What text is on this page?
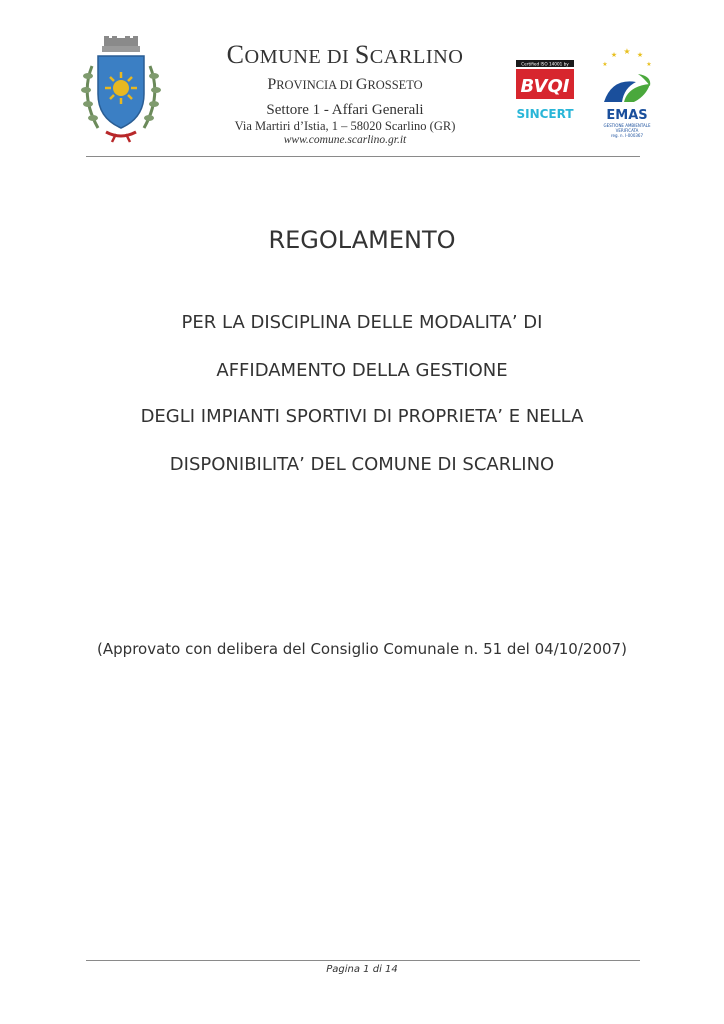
COMUNE DI SCARLINO
PROVINCIA DI GROSSETO
Settore 1 - Affari Generali
Via Martiri d’Istia, 1 – 58020 Scarlino (GR)
www.comune.scarlino.gr.it
Certified ISO 14001 by
BVQI
SINCERT
★
★	★
★	★
EMAS
GESTIONE AMBIENTALE
VERIFICATA
reg. n. I-000367
REGOLAMENTO
PER LA DISCIPLINA DELLE MODALITA’ DI
AFFIDAMENTO DELLA GESTIONE
DEGLI IMPIANTI SPORTIVI DI PROPRIETA’ E NELLA
DISPONIBILITA’ DEL COMUNE DI SCARLINO
(Approvato con delibera del Consiglio Comunale n. 51 del 04/10/2007)
Pagina 1 di 14
